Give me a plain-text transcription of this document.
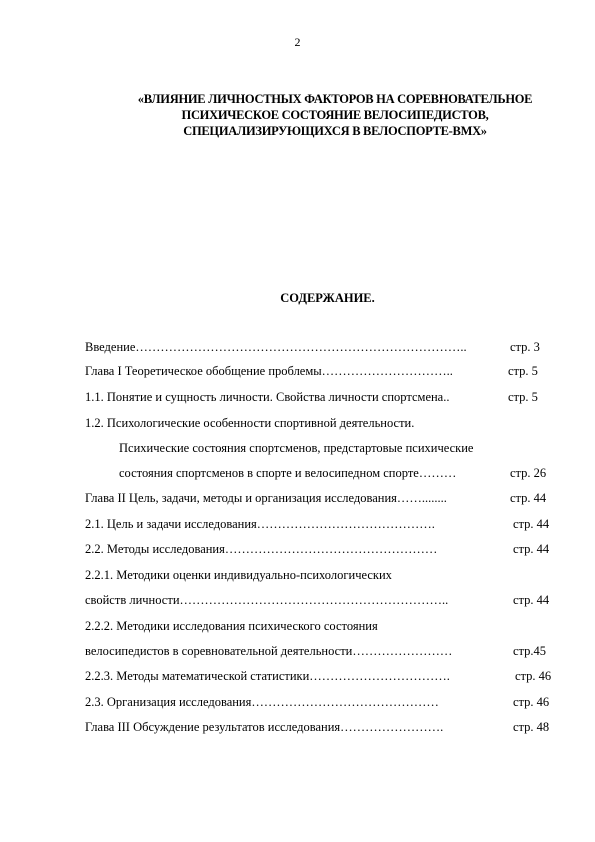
2
«ВЛИЯНИЕ ЛИЧНОСТНЫХ ФАКТОРОВ НА СОРЕВНОВАТЕЛЬНОЕ
ПСИХИЧЕСКОЕ СОСТОЯНИЕ ВЕЛОСИПЕДИСТОВ,
СПЕЦИАЛИЗИРУЮЩИХСЯ В ВЕЛОСПОРТЕ-BMX»
СОДЕРЖАНИЕ.
Введение……………………………………………………………………..	стр. 3
Глава I Теоретическое обобщение проблемы…………………………..	стр. 5
1.1. Понятие и сущность личности. Свойства личности спортсмена..	стр. 5
1.2. Психологические особенности спортивной деятельности.
Психические состояния спортсменов, предстартовые психические
состояния спортсменов в спорте и велосипедном спорте………	стр. 26
Глава II Цель, задачи, методы и организация исследования……........	стр. 44
2.1. Цель и задачи исследования…………………………………….	стр. 44
2.2. Методы исследования……………………………………………	стр. 44
2.2.1. Методики оценки индивидуально-психологических
свойств личности………………………………………………………..	стр. 44
2.2.2. Методики исследования психического состояния
велосипедистов в соревновательной деятельности……………………	стр.45
2.2.3. Методы математической статистики…………………………….	стр. 46
2.3. Организация исследования………………………………………	стр. 46
Глава III Обсуждение результатов исследования…………………….	стр. 48
